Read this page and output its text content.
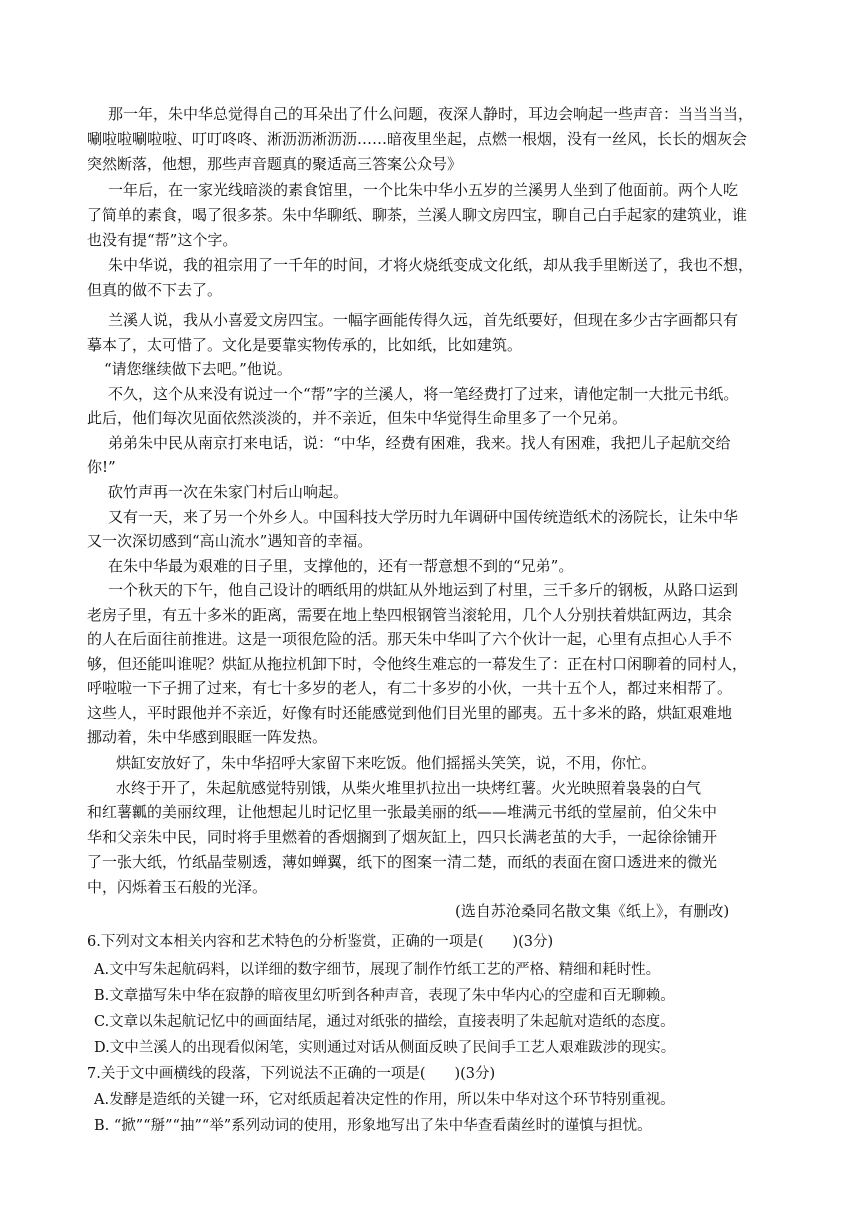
那一年，朱中华总觉得自己的耳朵出了什么问题，夜深人静时，耳边会响起一些声音：当当当当，
唰啦啦唰啦啦、叮叮咚咚、淅沥沥淅沥沥……暗夜里坐起，点燃一根烟，没有一丝风，长长的烟灰会
突然断落，他想，那些声音题真的聚适高三答案公众号》
一年后，在一家光线暗淡的素食馆里，一个比朱中华小五岁的兰溪男人坐到了他面前。两个人吃
了简单的素食，喝了很多茶。朱中华聊纸、聊茶，兰溪人聊文房四宝，聊自己白手起家的建筑业，谁
也没有提“帮”这个字。
朱中华说，我的祖宗用了一千年的时间，才将火烧纸变成文化纸，却从我手里断送了，我也不想，
但真的做不下去了。
兰溪人说，我从小喜爱文房四宝。一幅字画能传得久远，首先纸要好，但现在多少古字画都只有
摹本了，太可惜了。文化是要靠实物传承的，比如纸，比如建筑。
“请您继续做下去吧。”他说。
不久，这个从来没有说过一个“帮”字的兰溪人，将一笔经费打了过来，请他定制一大批元书纸。
此后，他们每次见面依然淡淡的，并不亲近，但朱中华觉得生命里多了一个兄弟。
弟弟朱中民从南京打来电话，说：“中华，经费有困难，我来。找人有困难，我把儿子起航交给
你!”
砍竹声再一次在朱家门村后山响起。
又有一天，来了另一个外乡人。中国科技大学历时九年调研中国传统造纸术的汤院长，让朱中华
又一次深切感到“高山流水”遇知音的幸福。
在朱中华最为艰难的日子里，支撑他的，还有一帮意想不到的“兄弟”。
一个秋天的下午，他自己设计的晒纸用的烘缸从外地运到了村里，三千多斤的钢板，从路口运到
老房子里，有五十多米的距离，需要在地上垫四根钢管当滚轮用，几个人分别扶着烘缸两边，其余
的人在后面往前推进。这是一项很危险的活。那天朱中华叫了六个伙计一起，心里有点担心人手不
够，但还能叫谁呢？烘缸从拖拉机卸下时，令他终生难忘的一幕发生了：正在村口闲聊着的同村人，
呼啦啦一下子拥了过来，有七十多岁的老人，有二十多岁的小伙，一共十五个人，都过来相帮了。
这些人，平时跟他并不亲近，好像有时还能感觉到他们目光里的鄙夷。五十多米的路，烘缸艰难地
挪动着，朱中华感到眼眶一阵发热。
烘缸安放好了，朱中华招呼大家留下来吃饭。他们摇摇头笑笑，说，不用，你忙。
水终于开了，朱起航感觉特别饿，从柴火堆里扒拉出一块烤红薯。火光映照着袅袅的白气
和红薯瓤的美丽纹理，让他想起儿时记忆里一张最美丽的纸——堆满元书纸的堂屋前，伯父朱中
华和父亲朱中民，同时将手里燃着的香烟搁到了烟灰缸上，四只长满老茧的大手，一起徐徐铺开
了一张大纸，竹纸晶莹剔透，薄如蝉翼，纸下的图案一清二楚，而纸的表面在窗口透进来的微光
中，闪烁着玉石般的光泽。
(选自苏沧桑同名散文集《纸上》，有删改)
6.下列对文本相关内容和艺术特色的分析鉴赏，正确的一项是(　　)(3分)
A.文中写朱起航码料，以详细的数字细节，展现了制作竹纸工艺的严格、精细和耗时性。
B.文章描写朱中华在寂静的暗夜里幻听到各种声音，表现了朱中华内心的空虚和百无聊赖。
C.文章以朱起航记忆中的画面结尾，通过对纸张的描绘，直接表明了朱起航对造纸的态度。
D.文中兰溪人的出现看似闲笔，实则通过对话从侧面反映了民间手工艺人艰难跋涉的现实。
7.关于文中画横线的段落，下列说法不正确的一项是(　　)(3分)
A.发酵是造纸的关键一环，它对纸质起着决定性的作用，所以朱中华对这个环节特别重视。
B. “掀”“掰”“抽”“举”系列动词的使用，形象地写出了朱中华查看菌丝时的谨慎与担忧。
